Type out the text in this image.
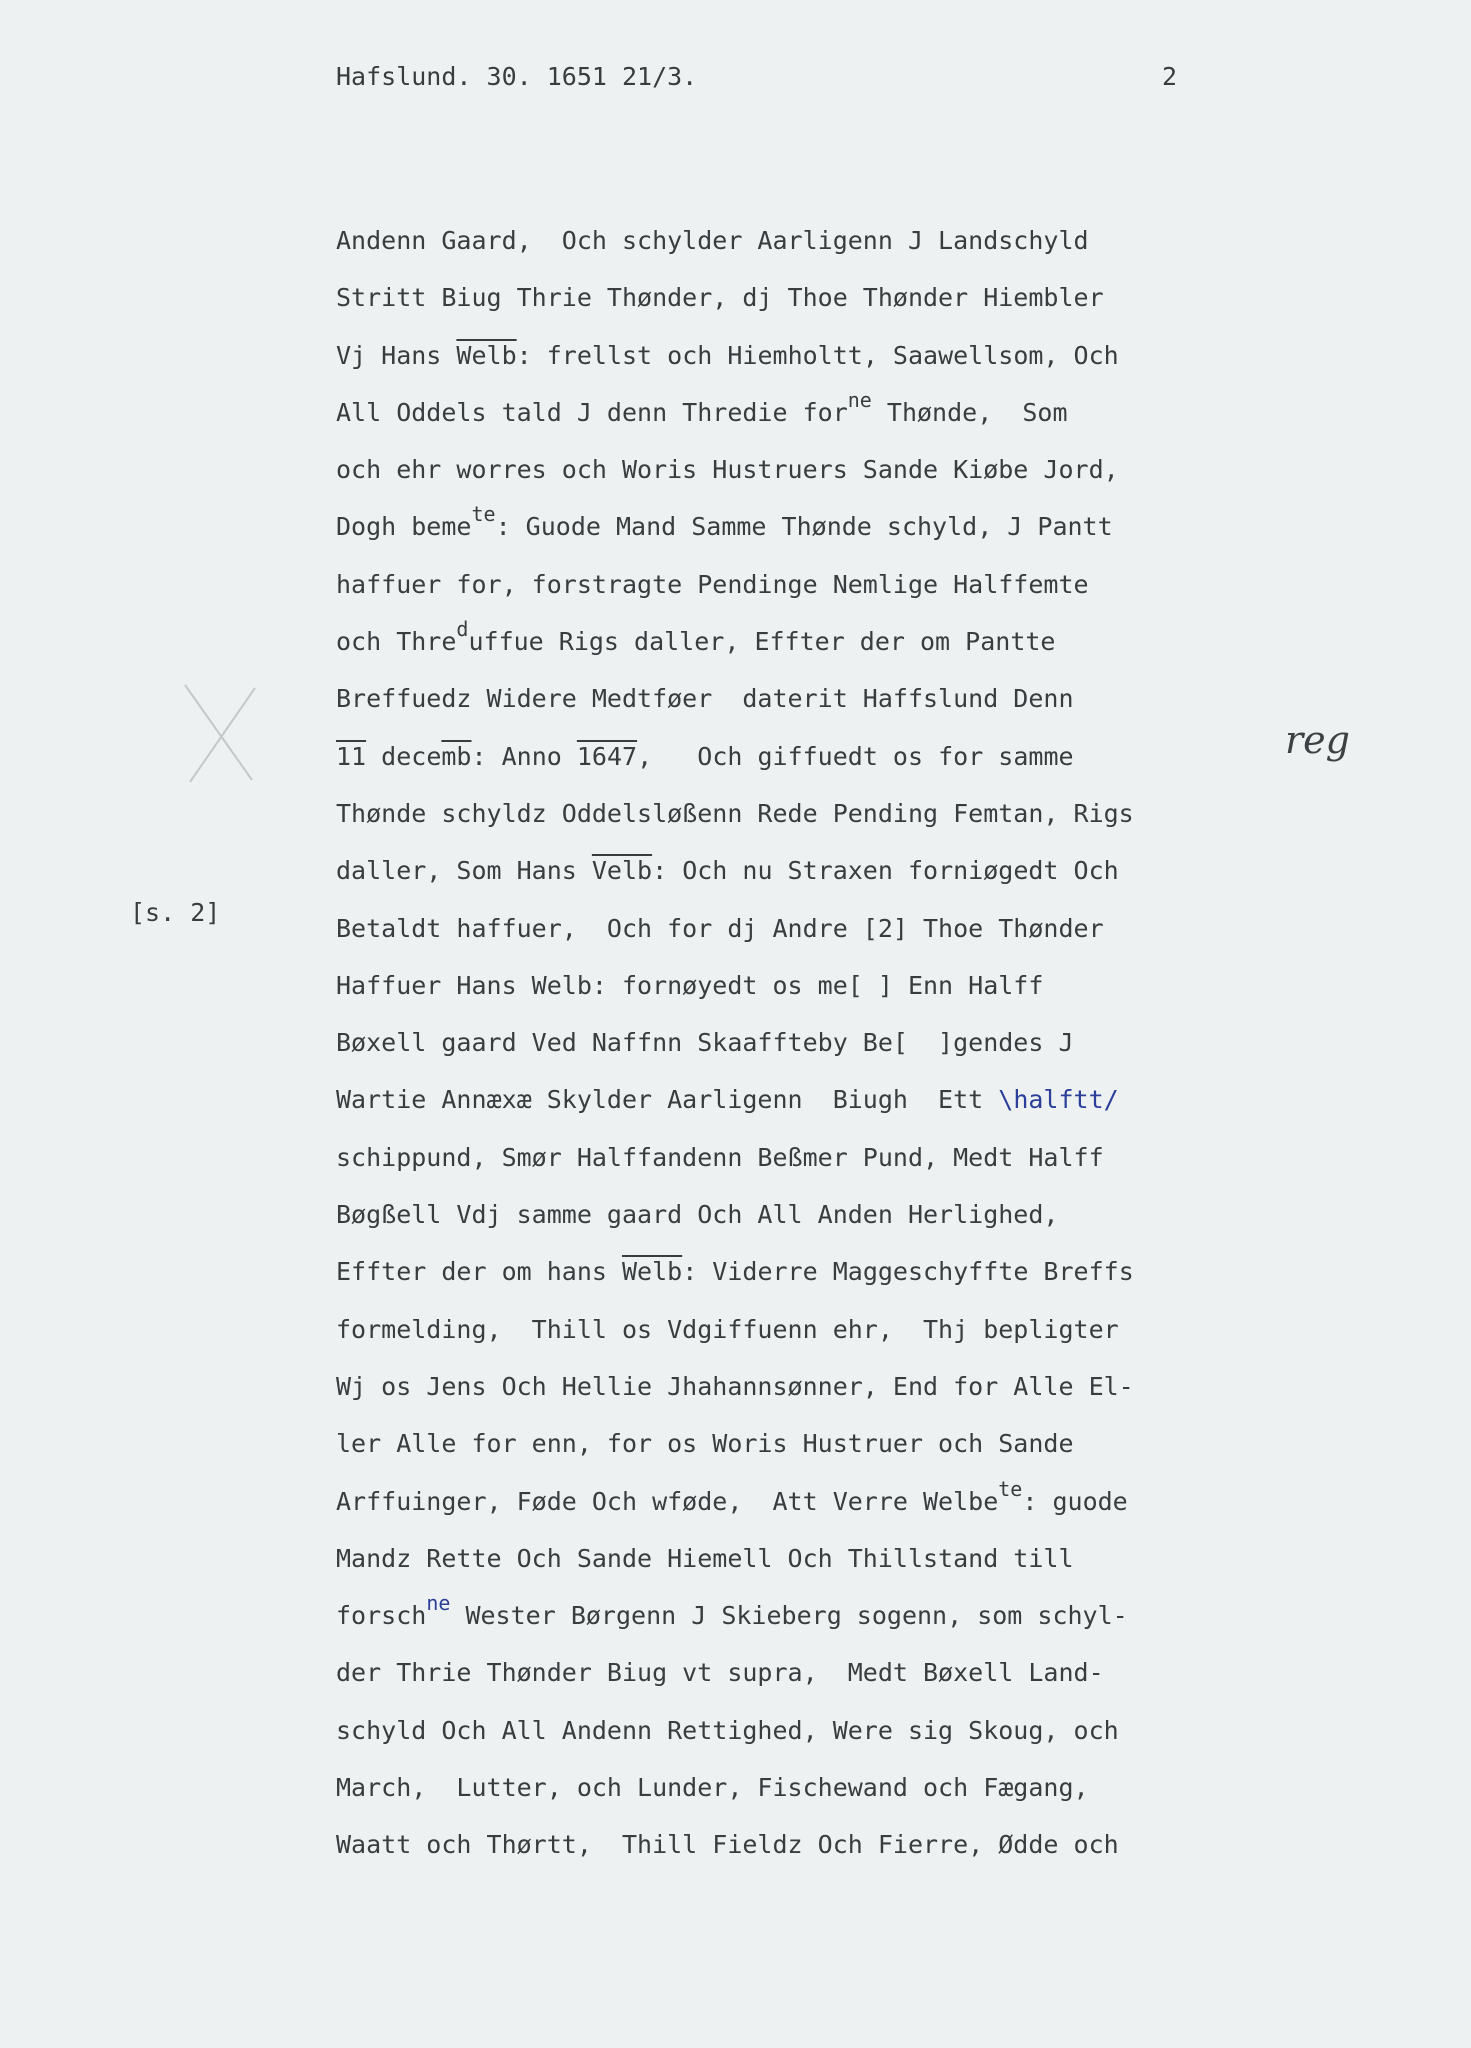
Hafslund. 30. 1651 21/3.	2
[s. 2]
reg
Andenn Gaard,  Och schylder Aarligenn J Landschyld
Stritt Biug Thrie Thønder, dj Thoe Thønder Hiembler
Vj Hans Welb: frellst och Hiemholtt, Saawellsom, Och
All Oddels tald J denn Thredie for$^{ne}$ Thønde,  Som
och ehr worres och Woris Hustruers Sande Kiøbe Jord,
Dogh beme$^{te}$: Guode Mand Samme Thønde schyld, J Pantt
haffuer for, forstragte Pendinge Nemlige Halffemte
och Thre$^d$uffue Rigs daller, Effter der om Pantte
Breffuedz Widere Medtføer  daterit Haffslund Denn
11 $dece\overline{mb}$: Anno 1647,   Och giffuedt os for samme
Thønde schyldz Oddelsløßenn Rede Pending Femtan, Rigs
daller, Som Hans Velb: Och nu Straxen forniøgedt Och
Betaldt haffuer,  Och for dj Andre [2] Thoe Thønder
Haffuer Hans Welb: fornøyedt os me[ ] Enn Halff
Bøxell gaard Ved Naffnn Skaaffteby Be[  ]gendes J
Wartie Annæxæ Skylder Aarligenn  Biugh  Ett \halftt/
schippund, Smør Halffandenn Beßmer Pund, Medt Halff
Bøgßell Vdj samme gaard Och All Anden Herlighed,
Effter der om hans Welb: Viderre Maggeschyffte Breffs
formelding,  Thill os Vdgiffuenn ehr,  Thj bepligter
Wj os Jens Och Hellie Jhahannsønner, End for Alle El-
ler Alle for enn, for os Woris Hustruer och Sande
Arffuinger, Føde Och wføde,  Att Verre Welbe$^{te}$: guode
Mandz Rette Och Sande Hiemell Och Thillstand till
forsch$^{ne}$ Wester Børgenn J Skieberg sogenn, som schyl-
der Thrie Thønder Biug vt supra,  Medt Bøxell Land-
schyld Och All Andenn Rettighed, Were sig Skoug, och
March,  Lutter, och Lunder, Fischewand och Fægang,
Waatt och Thørtt,  Thill Fieldz Och Fierre, Ødde och
